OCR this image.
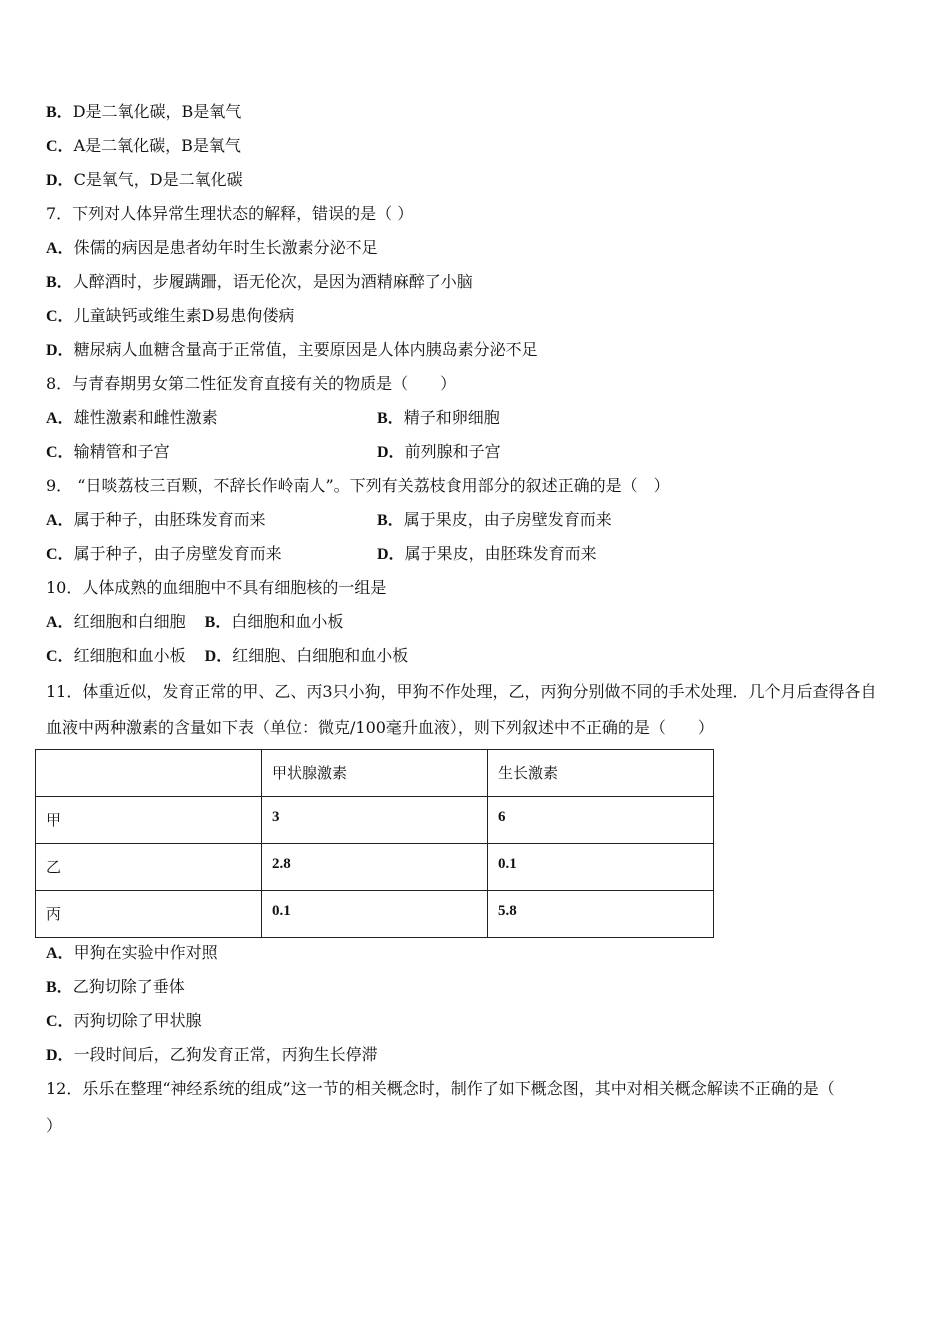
B．D是二氧化碳，B是氧气
C．A是二氧化碳，B是氧气
D．C是氧气，D是二氧化碳
7．下列对人体异常生理状态的解释，错误的是（ ）
A．侏儒的病因是患者幼年时生长激素分泌不足
B．人醉酒时，步履蹒跚，语无伦次，是因为酒精麻醉了小脑
C．儿童缺钙或维生素D易患佝偻病
D．糖尿病人血糖含量高于正常值，主要原因是人体内胰岛素分泌不足
8．与青春期男女第二性征发育直接有关的物质是（　　）
A．雄性激素和雌性激素	B．精子和卵细胞
C．输精管和子宫	D．前列腺和子宫
9． “日啖荔枝三百颗，不辞长作岭南人”。下列有关荔枝食用部分的叙述正确的是（　）
A．属于种子，由胚珠发育而来	B．属于果皮，由子房壁发育而来
C．属于种子，由子房壁发育而来	D．属于果皮，由胚珠发育而来
10．人体成熟的血细胞中不具有细胞核的一组是
A．红细胞和白细胞 B．白细胞和血小板
C．红细胞和血小板 D．红细胞、白细胞和血小板
11．体重近似，发育正常的甲、乙、丙3只小狗，甲狗不作处理，乙，丙狗分别做不同的手术处理．几个月后查得各自
血液中两种激素的含量如下表（单位：微克/100毫升血液），则下列叙述中不正确的是（　　）
	甲状腺激素	生长激素
甲	3	6
乙	2.8	0.1
丙	0.1	5.8
A．甲狗在实验中作对照
B．乙狗切除了垂体
C．丙狗切除了甲状腺
D．一段时间后，乙狗发育正常，丙狗生长停滞
12．乐乐在整理“神经系统的组成”这一节的相关概念时，制作了如下概念图，其中对相关概念解读不正确的是（
）
